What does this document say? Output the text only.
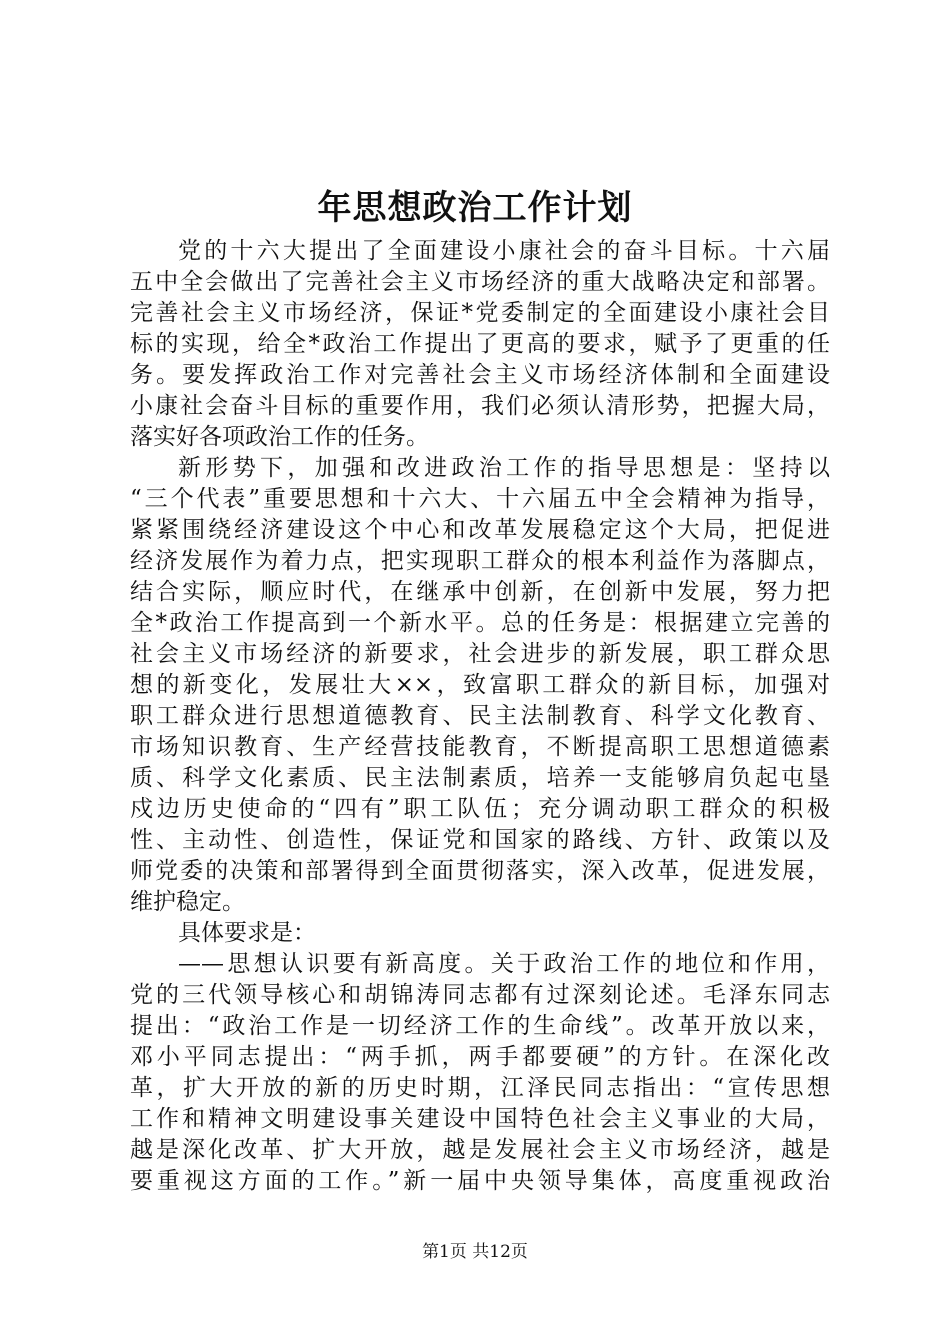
年思想政治工作计划
党的十六大提出了全面建设小康社会的奋斗目标。十六届
五中全会做出了完善社会主义市场经济的重大战略决定和部署。
完善社会主义市场经济，保证*党委制定的全面建设小康社会目
标的实现，给全*政治工作提出了更高的要求，赋予了更重的任
务。要发挥政治工作对完善社会主义市场经济体制和全面建设
小康社会奋斗目标的重要作用，我们必须认清形势，把握大局，
落实好各项政治工作的任务。
新形势下，加强和改进政治工作的指导思想是：坚持以
“三个代表”重要思想和十六大、十六届五中全会精神为指导，
紧紧围绕经济建设这个中心和改革发展稳定这个大局，把促进
经济发展作为着力点，把实现职工群众的根本利益作为落脚点，
结合实际，顺应时代，在继承中创新，在创新中发展，努力把
全*政治工作提高到一个新水平。总的任务是：根据建立完善的
社会主义市场经济的新要求，社会进步的新发展，职工群众思
想的新变化，发展壮大××，致富职工群众的新目标，加强对
职工群众进行思想道德教育、民主法制教育、科学文化教育、
市场知识教育、生产经营技能教育，不断提高职工思想道德素
质、科学文化素质、民主法制素质，培养一支能够肩负起屯垦
戍边历史使命的“四有”职工队伍；充分调动职工群众的积极
性、主动性、创造性，保证党和国家的路线、方针、政策以及
师党委的决策和部署得到全面贯彻落实，深入改革，促进发展，
维护稳定。
具体要求是：
——思想认识要有新高度。关于政治工作的地位和作用，
党的三代领导核心和胡锦涛同志都有过深刻论述。毛泽东同志
提出：“政治工作是一切经济工作的生命线”。改革开放以来，
邓小平同志提出：“两手抓，两手都要硬”的方针。在深化改
革，扩大开放的新的历史时期，江泽民同志指出：“宣传思想
工作和精神文明建设事关建设中国特色社会主义事业的大局，
越是深化改革、扩大开放，越是发展社会主义市场经济，越是
要重视这方面的工作。”新一届中央领导集体，高度重视政治
第1页 共12页
